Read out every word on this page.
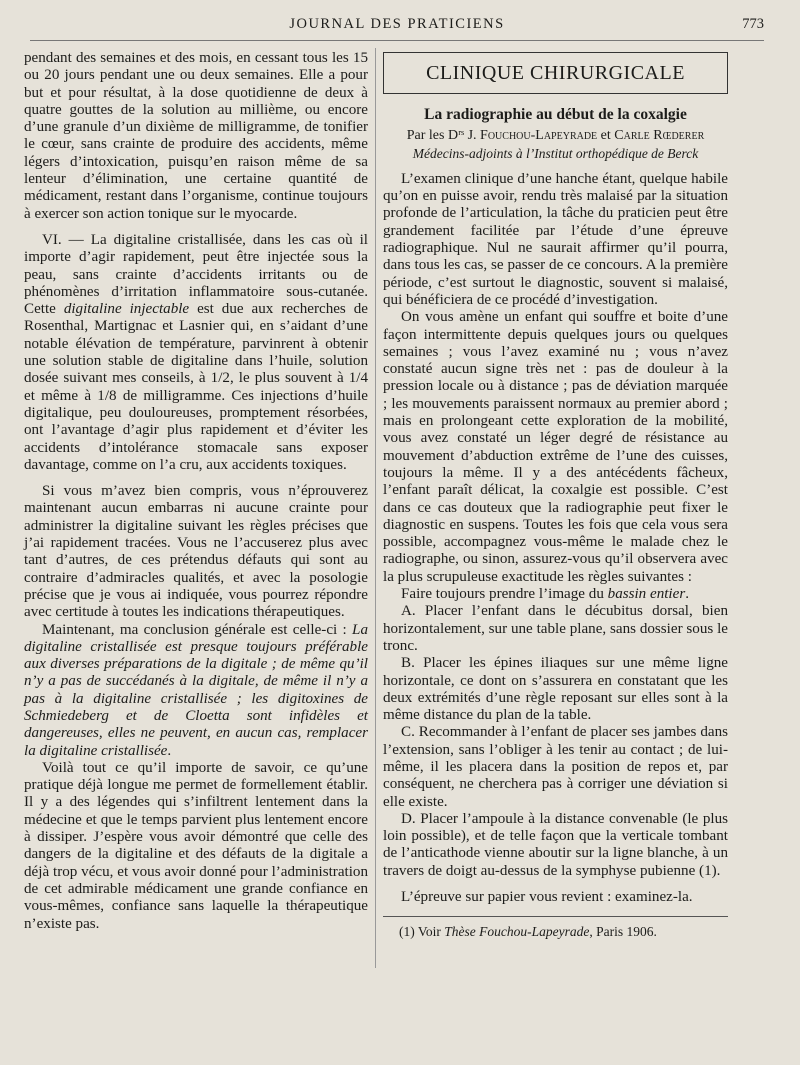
JOURNAL DES PRATICIENS	773

pendant des semaines et des mois, en cessant tous les 15 ou 20 jours pendant une ou deux semaines. Elle a pour but et pour résultat, à la dose quotidienne de deux à quatre gouttes de la solution au millième, ou encore d’une granule d’un dixième de milligramme, de tonifier le cœur, sans crainte de produire des accidents, même légers d’intoxication, puisqu’en raison même de sa lenteur d’élimination, une certaine quantité de médicament, restant dans l’organisme, continue toujours à exercer son action tonique sur le myocarde.

VI. — La digitaline cristallisée, dans les cas où il importe d’agir rapidement, peut être injectée sous la peau, sans crainte d’accidents irritants ou de phénomènes d’irritation inflammatoire sous-cutanée. Cette digitaline injectable est due aux recherches de Rosenthal, Martignac et Lasnier qui, en s’aidant d’une notable élévation de température, parvinrent à obtenir une solution stable de digitaline dans l’huile, solution dosée suivant mes conseils, à 1/2, le plus souvent à 1/4 et même à 1/8 de milligramme. Ces injections d’huile digitalique, peu douloureuses, promptement résorbées, ont l’avantage d’agir plus rapidement et d’éviter les accidents d’intolérance stomacale sans exposer davantage, comme on l’a cru, aux accidents toxiques.

Si vous m’avez bien compris, vous n’éprouverez maintenant aucun embarras ni aucune crainte pour administrer la digitaline suivant les règles précises que j’ai rapidement tracées. Vous ne l’accuserez plus avec tant d’autres, de ces prétendus défauts qui sont au contraire d’admiracles qualités, et avec la posologie précise que je vous ai indiquée, vous pourrez répondre avec certitude à toutes les indications thérapeutiques.

Maintenant, ma conclusion générale est celle-ci : La digitaline cristallisée est presque toujours préférable aux diverses préparations de la digitale ; de même qu’il n’y a pas de succédanés à la digitale, de même il n’y a pas à la digitaline cristallisée ; les digitoxines de Schmiedeberg et de Cloetta sont infidèles et dangereuses, elles ne peuvent, en aucun cas, remplacer la digitaline cristallisée.

Voilà tout ce qu’il importe de savoir, ce qu’une pratique déjà longue me permet de formellement établir. Il y a des légendes qui s’infiltrent lentement dans la médecine et que le temps parvient plus lentement encore à dissiper. J’espère vous avoir démontré que celle des dangers de la digitaline et des défauts de la digitale a déjà trop vécu, et vous avoir donné pour l’administration de cet admirable médicament une grande confiance en vous-mêmes, confiance sans laquelle la thérapeutique n’existe pas.

CLINIQUE CHIRURGICALE

La radiographie au début de la coxalgie

Par les Dʳˢ J. Fouchou-Lapeyrade et Carle Rœderer

Médecins-adjoints à l’Institut orthopédique de Berck

L’examen clinique d’une hanche étant, quelque habile qu’on en puisse avoir, rendu très malaisé par la situation profonde de l’articulation, la tâche du praticien peut être grandement facilitée par l’étude d’une épreuve radiographique. Nul ne saurait affirmer qu’il pourra, dans tous les cas, se passer de ce concours. A la première période, c’est surtout le diagnostic, souvent si malaisé, qui bénéficiera de ce procédé d’investigation.

On vous amène un enfant qui souffre et boite d’une façon intermittente depuis quelques jours ou quelques semaines ; vous l’avez examiné nu ; vous n’avez constaté aucun signe très net : pas de douleur à la pression locale ou à distance ; pas de déviation marquée ; les mouvements paraissent normaux au premier abord ; mais en prolongeant cette exploration de la mobilité, vous avez constaté un léger degré de résistance au mouvement d’abduction extrême de l’une des cuisses, toujours la même. Il y a des antécédents fâcheux, l’enfant paraît délicat, la coxalgie est possible. C’est dans ce cas douteux que la radiographie peut fixer le diagnostic en suspens. Toutes les fois que cela vous sera possible, accompagnez vous-même le malade chez le radiographe, ou sinon, assurez-vous qu’il observera avec la plus scrupuleuse exactitude les règles suivantes :

Faire toujours prendre l’image du bassin entier.

A. Placer l’enfant dans le décubitus dorsal, bien horizontalement, sur une table plane, sans dossier sous le tronc.

B. Placer les épines iliaques sur une même ligne horizontale, ce dont on s’assurera en constatant que les deux extrémités d’une règle reposant sur elles sont à la même distance du plan de la table.

C. Recommander à l’enfant de placer ses jambes dans l’extension, sans l’obliger à les tenir au contact ; de lui-même, il les placera dans la position de repos et, par conséquent, ne cherchera pas à corriger une déviation si elle existe.

D. Placer l’ampoule à la distance convenable (le plus loin possible), et de telle façon que la verticale tombant de l’anticathode vienne aboutir sur la ligne blanche, à un travers de doigt au-dessus de la symphyse pubienne (1).

L’épreuve sur papier vous revient : examinez-la.

(1) Voir Thèse Fouchou-Lapeyrade, Paris 1906.
